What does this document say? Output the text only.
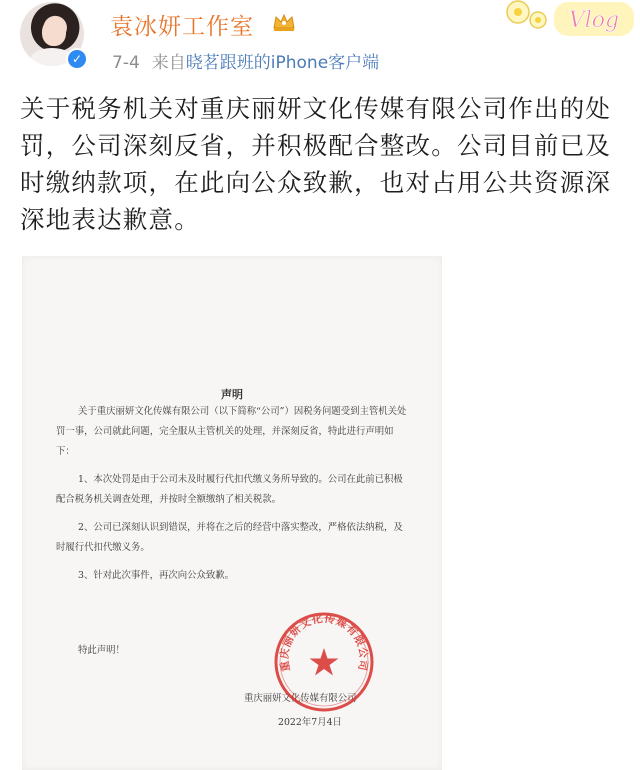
✓
袁冰妍工作室
7-4 来自晓茗跟班的iPhone客户端
Vlog
关于税务机关对重庆丽妍文化传媒有限公司作出的处罚，公司深刻反省，并积极配合整改。公司目前已及时缴纳款项，在此向公众致歉，也对占用公共资源深深地表达歉意。
声明

关于重庆丽妍文化传媒有限公司（以下简称“公司”）因税务问题受到主管机关处罚一事，公司就此问题，完全服从主管机关的处理，并深刻反省，特此进行声明如下：

1、本次处罚是由于公司未及时履行代扣代缴义务所导致的。公司在此前已积极配合税务机关调查处理，并按时全额缴纳了相关税款。

2、公司已深刻认识到错误，并将在之后的经营中落实整改，严格依法纳税，及时履行代扣代缴义务。

3、针对此次事件，再次向公众致歉。

特此声明！
重庆丽妍文化传媒有限公司
2022年7月4日
重庆丽妍文化传媒有限公司
